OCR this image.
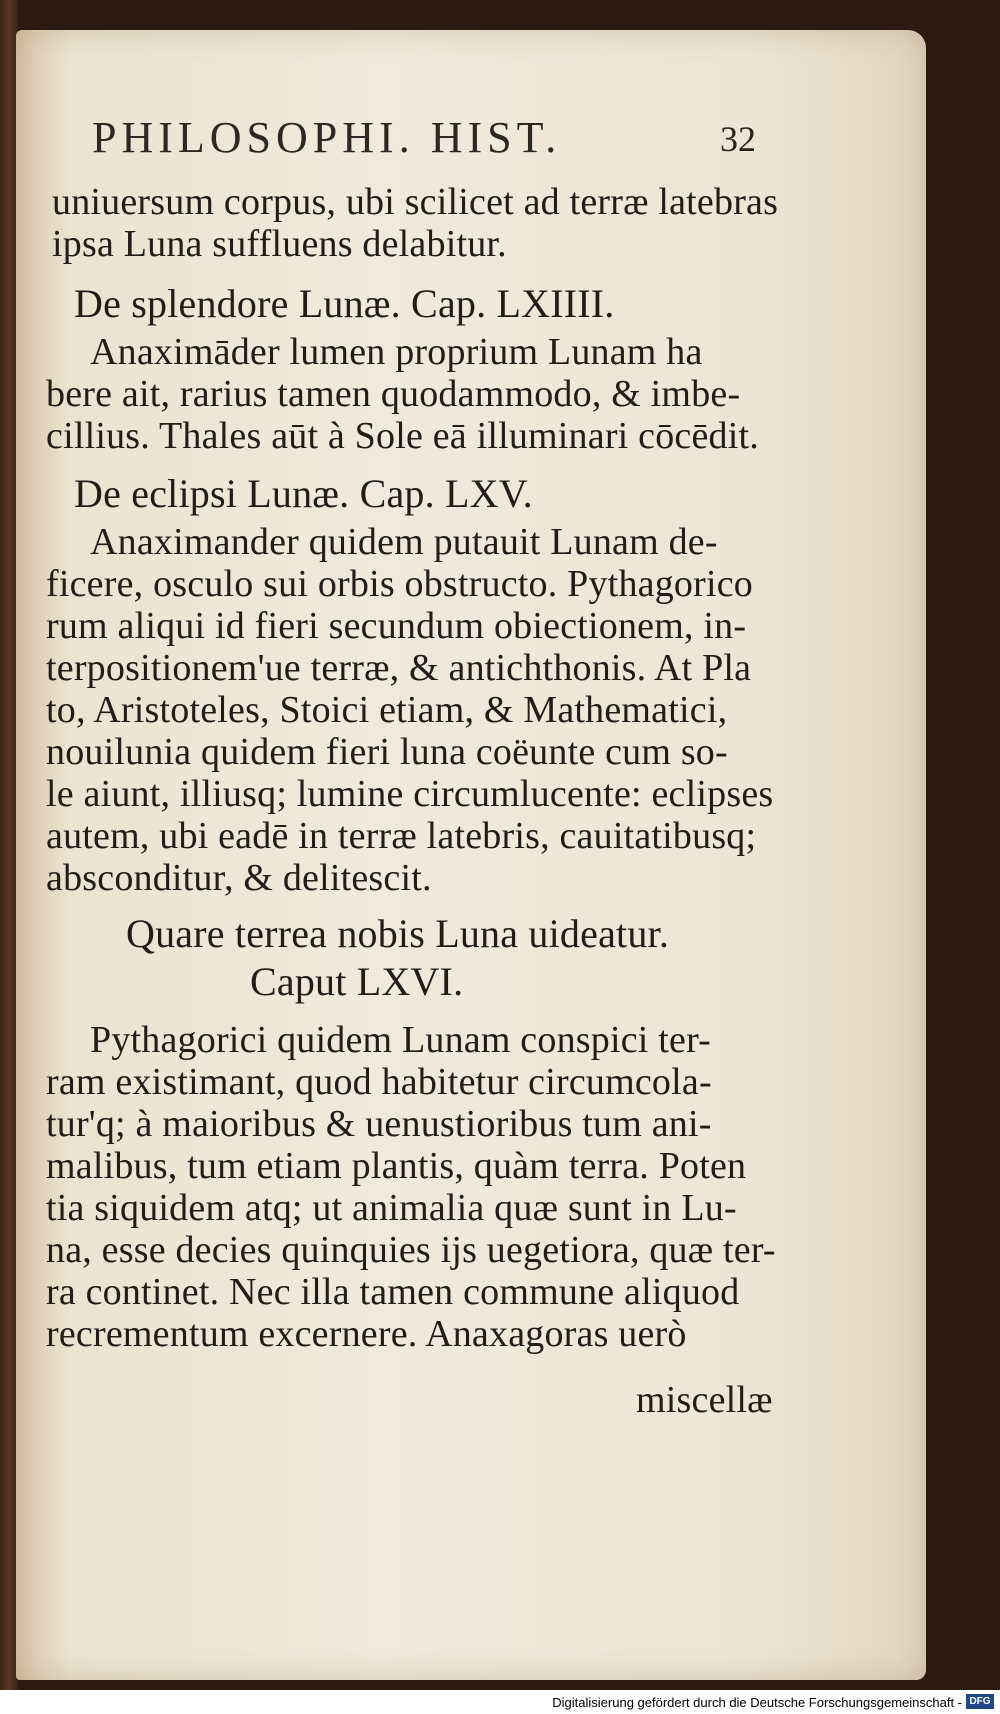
PHILOSOPHI. HIST.	32
uniuersum corpus, ubi scilicet ad terræ latebras
ipsa Luna suffluens delabitur.
De splendore Lunæ. Cap. LXIIII.
Anaximāder lumen proprium Lunam ha
bere ait, rarius tamen quodammodo, & imbe-
cillius. Thales aūt à Sole eā illuminari cōcēdit.
De eclipsi Lunæ. Cap. LXV.
Anaximander quidem putauit Lunam de-
ficere, osculo sui orbis obstructo. Pythagorico
rum aliqui id fieri secundum obiectionem, in-
terpositionem'ue terræ, & antichthonis. At Pla
to, Aristoteles, Stoici etiam, & Mathematici,
nouilunia quidem fieri luna coëunte cum so-
le aiunt, illiusq; lumine circumlucente: eclipses
autem, ubi eadē in terræ latebris, cauitatibusq;
absconditur, & delitescit.
Quare terrea nobis Luna uideatur.
Caput LXVI.
Pythagorici quidem Lunam conspici ter-
ram existimant, quod habitetur circumcola-
tur'q; à maioribus & uenustioribus tum ani-
malibus, tum etiam plantis, quàm terra. Poten
tia siquidem atq; ut animalia quæ sunt in Lu-
na, esse decies quinquies ijs uegetiora, quæ ter-
ra continet. Nec illa tamen commune aliquod
recrementum excernere. Anaxagoras uerò
miscellæ
Digitalisierung gefördert durch die Deutsche Forschungsgemeinschaft - DFG
